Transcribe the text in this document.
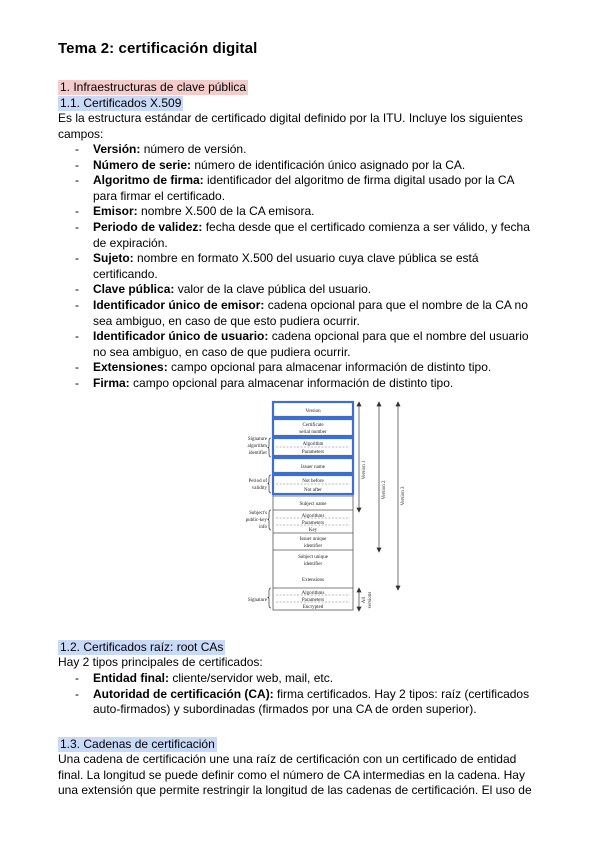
Tema 2: certificación digital
1. Infraestructuras de clave pública
1.1. Certificados X.509
Es la estructura estándar de certificado digital definido por la ITU. Incluye los siguientes campos:
- Versión: número de versión.
- Número de serie: número de identificación único asignado por la CA.
- Algoritmo de firma: identificador del algoritmo de firma digital usado por la CA para firmar el certificado.
- Emisor: nombre X.500 de la CA emisora.
- Periodo de validez: fecha desde que el certificado comienza a ser válido, y fecha de expiración.
- Sujeto: nombre en formato X.500 del usuario cuya clave pública se está certificando.
- Clave pública: valor de la clave pública del usuario.
- Identificador único de emisor: cadena opcional para que el nombre de la CA no sea ambiguo, en caso de que esto pudiera ocurrir.
- Identificador único de usuario: cadena opcional para que el nombre del usuario no sea ambiguo, en caso de que pudiera ocurrir.
- Extensiones: campo opcional para almacenar información de distinto tipo.
- Firma: campo opcional para almacenar información de distinto tipo.
Version
Certificate
serial number
Algorithm
Parameters
Issuer name
Not before
Not after
Subject name
Algorithms
Parameters
Key
Issuer unique
identifier
Subject unique
identifier
Extensions
Algorithms
Parameters
Encrypted
Signature
algorithm
identifier
Period of
validity
Subject's
public-key
info
Signature
Version 1
Version 2	Version 3
All versions
1.2. Certificados raíz: root CAs
Hay 2 tipos principales de certificados:
- Entidad final: cliente/servidor web, mail, etc.
- Autoridad de certificación (CA): firma certificados. Hay 2 tipos: raíz (certificados auto-firmados) y subordinadas (firmados por una CA de orden superior).
1.3. Cadenas de certificación
Una cadena de certificación une una raíz de certificación con un certificado de entidad final. La longitud se puede definir como el número de CA intermedias en la cadena. Hay una extensión que permite restringir la longitud de las cadenas de certificación. El uso de
